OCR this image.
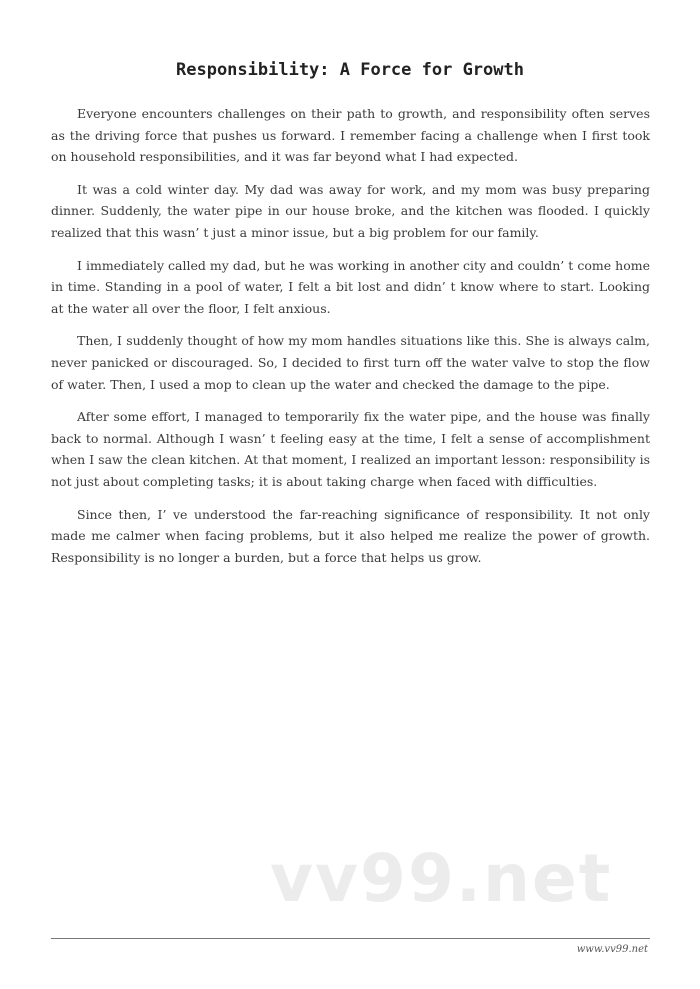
Responsibility: A Force for Growth

Everyone encounters challenges on their path to growth, and responsibility often serves as the driving force that pushes us forward. I remember facing a challenge when I first took on household responsibilities, and it was far beyond what I had expected.

It was a cold winter day. My dad was away for work, and my mom was busy preparing dinner. Suddenly, the water pipe in our house broke, and the kitchen was flooded. I quickly realized that this wasn’ t just a minor issue, but a big problem for our family.

I immediately called my dad, but he was working in another city and couldn’ t come home in time. Standing in a pool of water, I felt a bit lost and didn’ t know where to start. Looking at the water all over the floor, I felt anxious.

Then, I suddenly thought of how my mom handles situations like this. She is always calm, never panicked or discouraged. So, I decided to first turn off the water valve to stop the flow of water. Then, I used a mop to clean up the water and checked the damage to the pipe.

After some effort, I managed to temporarily fix the water pipe, and the house was finally back to normal. Although I wasn’ t feeling easy at the time, I felt a sense of accomplishment when I saw the clean kitchen. At that moment, I realized an important lesson: responsibility is not just about completing tasks; it is about taking charge when faced with difficulties.

Since then, I’ ve understood the far-reaching significance of responsibility. It not only made me calmer when facing problems, but it also helped me realize the power of growth. Responsibility is no longer a burden, but a force that helps us grow.

vv99.net
www.vv99.net
